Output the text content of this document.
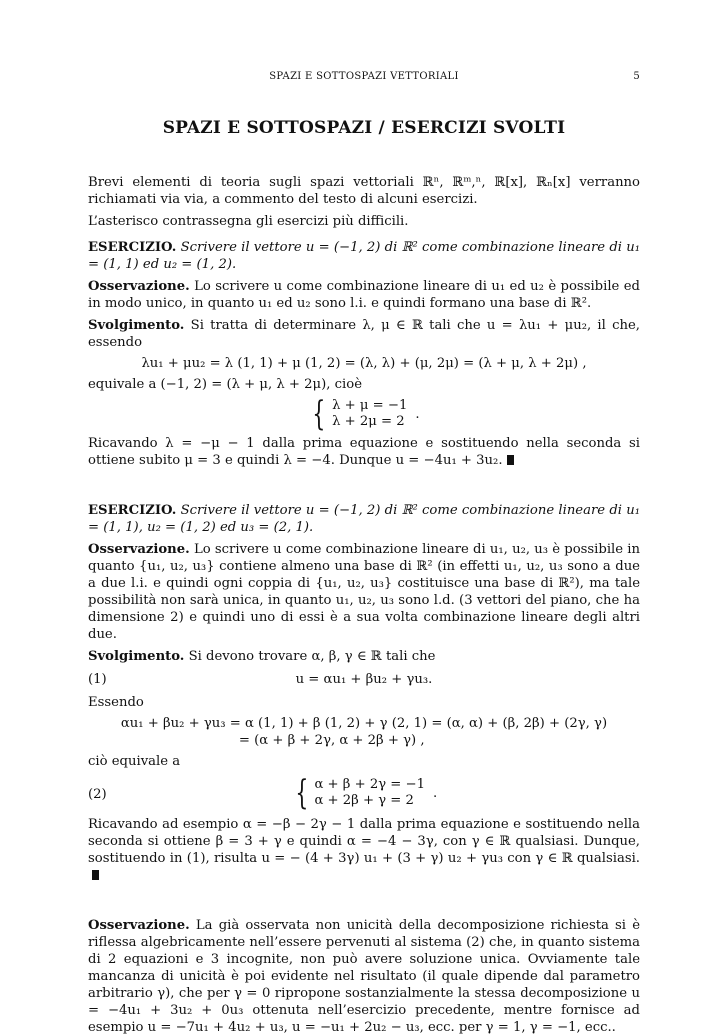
SPAZI E SOTTOSPAZI VETTORIALI	5
SPAZI E SOTTOSPAZI / ESERCIZI SVOLTI

Brevi elementi di teoria sugli spazi vettoriali ℝⁿ, ℝᵐ,ⁿ, ℝ[x], ℝₙ[x] verranno richiamati via via, a commento del testo di alcuni esercizi.

L’asterisco contrassegna gli esercizi più difficili.

ESERCIZIO. Scrivere il vettore u = (−1, 2) di ℝ² come combinazione lineare di u₁ = (1, 1) ed u₂ = (1, 2).

Osservazione. Lo scrivere u come combinazione lineare di u₁ ed u₂ è possibile ed in modo unico, in quanto u₁ ed u₂ sono l.i. e quindi formano una base di ℝ².

Svolgimento. Si tratta di determinare λ, μ ∈ ℝ tali che u = λu₁ + μu₂, il che, essendo

λu₁ + μu₂ = λ (1, 1) + μ (1, 2) = (λ, λ) + (μ, 2μ) = (λ + μ, λ + 2μ) ,

equivale a (−1, 2) = (λ + μ, λ + 2μ), cioè

{ λ + μ = −1
λ + 2μ = 2 .

Ricavando λ = −μ − 1 dalla prima equazione e sostituendo nella seconda si ottiene subito μ = 3 e quindi λ = −4. Dunque u = −4u₁ + 3u₂.

ESERCIZIO. Scrivere il vettore u = (−1, 2) di ℝ² come combinazione lineare di u₁ = (1, 1), u₂ = (1, 2) ed u₃ = (2, 1).

Osservazione. Lo scrivere u come combinazione lineare di u₁, u₂, u₃ è possibile in quanto {u₁, u₂, u₃} contiene almeno una base di ℝ² (in effetti u₁, u₂, u₃ sono a due a due l.i. e quindi ogni coppia di {u₁, u₂, u₃} costituisce una base di ℝ²), ma tale possibilità non sarà unica, in quanto u₁, u₂, u₃ sono l.d. (3 vettori del piano, che ha dimensione 2) e quindi uno di essi è a sua volta combinazione lineare degli altri due.

Svolgimento. Si devono trovare α, β, γ ∈ ℝ tali che

(1)	u = αu₁ + βu₂ + γu₃.

Essendo

αu₁ + βu₂ + γu₃ = α (1, 1) + β (1, 2) + γ (2, 1) = (α, α) + (β, 2β) + (2γ, γ)
= (α + β + 2γ, α + 2β + γ) ,

ciò equivale a

(2)	{ α + β + 2γ = −1
α + 2β + γ = 2	.

Ricavando ad esempio α = −β − 2γ − 1 dalla prima equazione e sostituendo nella seconda si ottiene β = 3 + γ e quindi α = −4 − 3γ, con γ ∈ ℝ qualsiasi. Dunque, sostituendo in (1), risulta u = − (4 + 3γ) u₁ + (3 + γ) u₂ + γu₃ con γ ∈ ℝ qualsiasi.

Osservazione. La già osservata non unicità della decomposizione richiesta si è riflessa algebricamente nell’essere pervenuti al sistema (2) che, in quanto sistema di 2 equazioni e 3 incognite, non può avere soluzione unica. Ovviamente tale mancanza di unicità è poi evidente nel risultato (il quale dipende dal parametro arbitrario γ), che per γ = 0 ripropone sostanzialmente la stessa decomposizione u = −4u₁ + 3u₂ + 0u₃ ottenuta nell’esercizio precedente, mentre fornisce ad esempio u = −7u₁ + 4u₂ + u₃, u = −u₁ + 2u₂ − u₃, ecc. per γ = 1, γ = −1, ecc..
